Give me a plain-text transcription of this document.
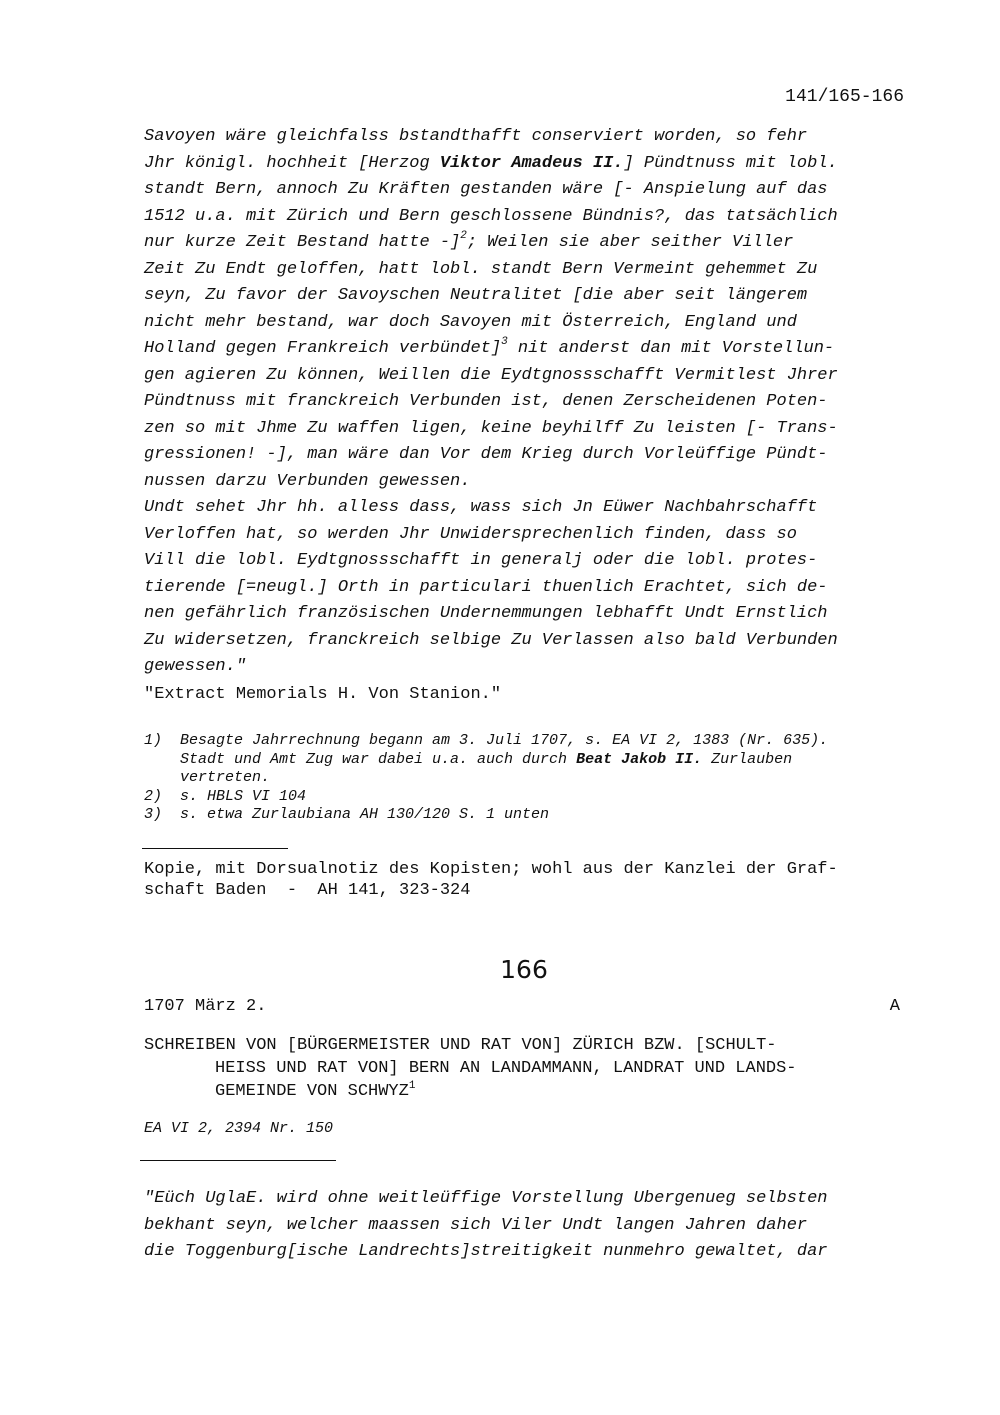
141/165-166
Savoyen wäre gleichfalss bstandthafft conserviert worden, so fehr
Jhr königl. hochheit [Herzog Viktor Amadeus II.] Pündtnuss mit lobl.
standt Bern, annoch Zu Kräften gestanden wäre [- Anspielung auf das
1512 u.a. mit Zürich und Bern geschlossene Bündnis?, das tatsächlich
nur kurze Zeit Bestand hatte -]$^2$; Weilen sie aber seither Viller
Zeit Zu Endt geloffen, hatt lobl. standt Bern Vermeint gehemmet Zu
seyn, Zu favor der Savoyschen Neutralitet [die aber seit längerem
nicht mehr bestand, war doch Savoyen mit Österreich, England und
Holland gegen Frankreich verbündet]$^3$ nit anderst dan mit Vorstellun-
gen agieren Zu können, Weillen die Eydtgnossschafft Vermitlest Jhrer
Pündtnuss mit franckreich Verbunden ist, denen Zerscheidenen Poten-
zen so mit Jhme Zu waffen ligen, keine beyhilff Zu leisten [- Trans-
gressionen! -], man wäre dan Vor dem Krieg durch Vorleüffige Pündt-
nussen darzu Verbunden gewessen.
Undt sehet Jhr hh. alless dass, wass sich Jn Eüwer Nachbahrschafft
Verloffen hat, so werden Jhr Unwidersprechenlich finden, dass so
Vill die lobl. Eydtgnossschafft in generalj oder die lobl. protes-
tierende [=neugl.] Orth in particulari thuenlich Erachtet, sich de-
nen gefährlich französischen Undernemmungen lebhafft Undt Ernstlich
Zu widersetzen, franckreich selbige Zu Verlassen also bald Verbunden
gewessen."
"Extract Memorials H. Von Stanion."
1)	Besagte Jahrrechnung begann am 3. Juli 1707, s. EA VI 2, 1383 (Nr. 635).
Stadt und Amt Zug war dabei u.a. auch durch Beat Jakob II. Zurlauben
vertreten.
2)	s. HBLS VI 104
3)	s. etwa Zurlaubiana AH 130/120 S. 1 unten
Kopie, mit Dorsualnotiz des Kopisten; wohl aus der Kanzlei der Graf-
schaft Baden  -  AH 141, 323-324
166
1707 März 2.	A
SCHREIBEN VON [BÜRGERMEISTER UND RAT VON] ZÜRICH BZW. [SCHULT-
HEISS UND RAT VON] BERN AN LANDAMMANN, LANDRAT UND LANDS-
GEMEINDE VON SCHWYZ$^1$
EA VI 2, 2394 Nr. 150
"Eüch UglaE. wird ohne weitleüffige Vorstellung Ubergenueg selbsten
bekhant seyn, welcher maassen sich Viler Undt langen Jahren daher
die Toggenburg[ische Landrechts]streitigkeit nunmehro gewaltet, dar
